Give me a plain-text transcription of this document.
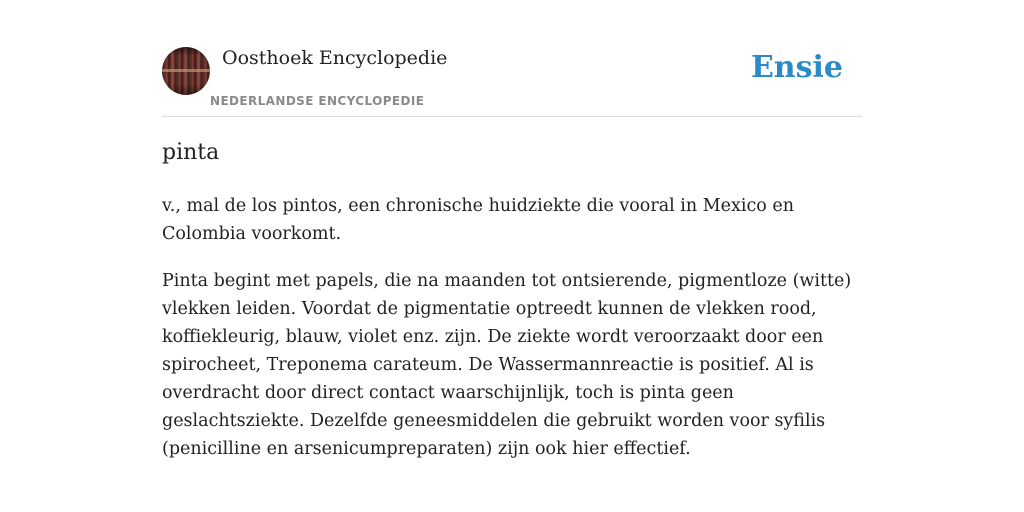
Oosthoek Encyclopedie
NEDERLANDSE ENCYCLOPEDIE
Ensie
pinta

v., mal de los pintos, een chronische huidziekte die vooral in Mexico en Colombia voorkomt.

Pinta begint met papels, die na maanden tot ontsierende, pigmentloze (witte) vlekken leiden. Voordat de pigmentatie optreedt kunnen de vlekken rood, koffiekleurig, blauw, violet enz. zijn. De ziekte wordt veroorzaakt door een spirocheet, Treponema carateum. De Wassermannreactie is positief. Al is overdracht door direct contact waarschijnlijk, toch is pinta geen geslachtsziekte. Dezelfde geneesmiddelen die gebruikt worden voor syfilis (penicilline en arsenicumpreparaten) zijn ook hier effectief.
